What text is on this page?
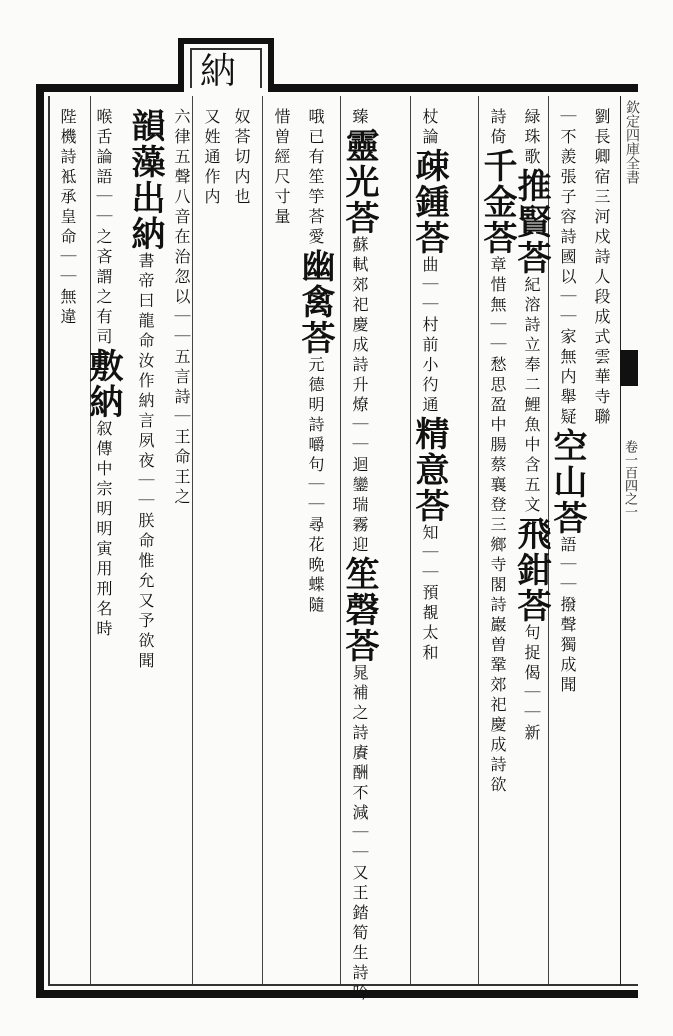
納
欽定四庫全書
卷一百四之一
陛機詩袛承皇命｜｜無違	喉舌論語｜｜之吝謂之有司敷納叙傳中宗明明寅用刑名時
韻藻出納書帝曰龍命汝作納言夙夜｜｜朕命惟允又予欲聞	六律五聲八音在治忽以｜｜五言詩｜王命王之 又姓通作内 奴荅切内也	惜曽經尺寸量 哦已有笙竽荅愛幽禽荅元德明詩嚼句｜｜尋花晩蝶隨
臻靈光荅蘇軾郊祀慶成詩升燎｜｜迴鑾瑞霧迎笙磬荅晁補之詩賡酬不減｜｜又王錔筍生詩吟
杖論疎鍾荅曲｜｜村前小彴通精意荅知｜｜預覩太和
詩倚千金荅章惜無｜｜愁思盈中腸蔡襄登三鄉寺閣詩巖曽鞏郊祀慶成詩欲
緑珠歌推賢荅紀溶詩立奉二鯉魚中含五文飛鉗荅句捉偈｜｜新
｜不羨張子容詩國以｜｜家無内舉疑空山荅語｜｜撥聲獨成聞
劉長卿宿三河戍詩人段成式雲華寺聯
